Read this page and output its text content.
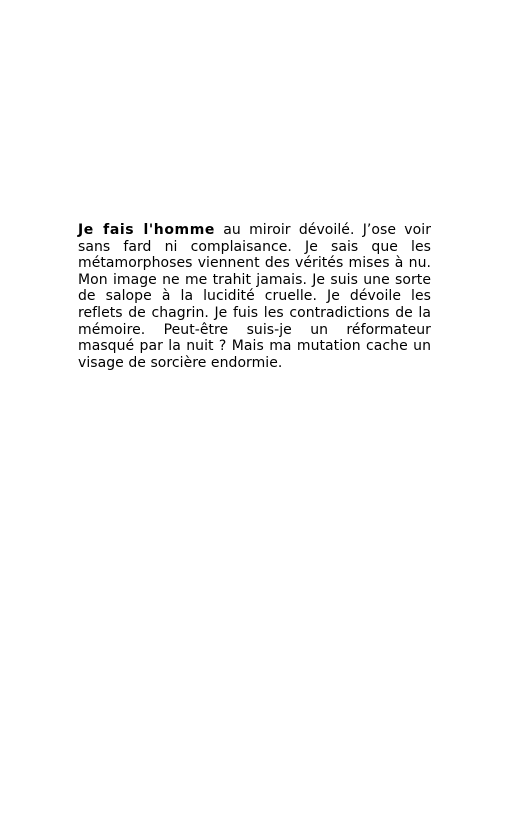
Je fais l'homme au miroir dévoilé. J’ose voir sans fard ni complaisance. Je sais que les métamorphoses viennent des vérités mises à nu. Mon image ne me trahit jamais. Je suis une sorte de salope à la lucidité cruelle. Je dévoile les reflets de chagrin. Je fuis les contradictions de la mémoire. Peut-être suis-je un réformateur masqué par la nuit ? Mais ma mutation cache un visage de sorcière endormie.
